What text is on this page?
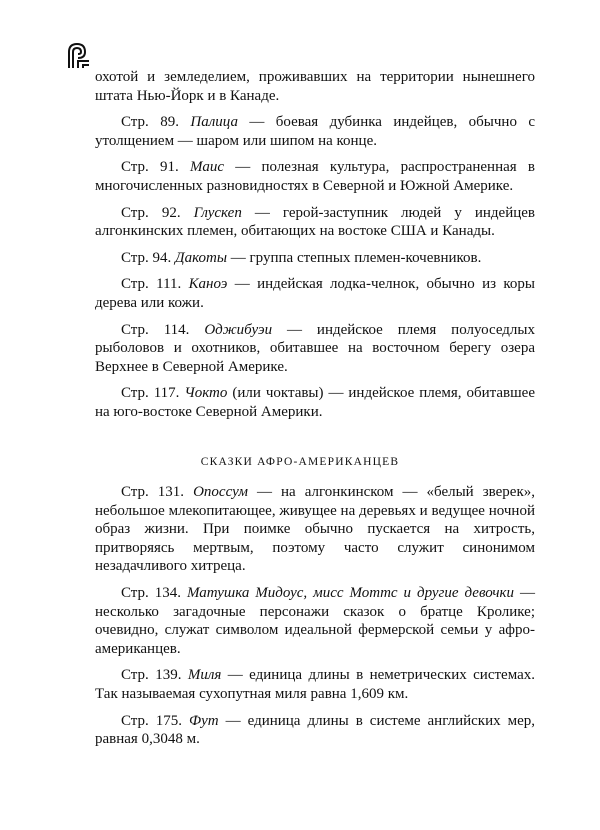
охотой и земледелием, проживавших на территории нынешнего штата Нью-Йорк и в Канаде.

Стр. 89. Палица — боевая дубинка индейцев, обычно с утолщением — шаром или шипом на конце.

Стр. 91. Маис — полезная культура, распространенная в многочисленных разновидностях в Северной и Южной Америке.

Стр. 92. Глускеп — герой-заступник людей у индейцев алгонкинских племен, обитающих на востоке США и Канады.

Стр. 94. Дакоты — группа степных племен-кочевников.

Стр. 111. Каноэ — индейская лодка-челнок, обычно из коры дерева или кожи.

Стр. 114. Оджибуэи — индейское племя полуоседлых рыболовов и охотников, обитавшее на восточном берегу озера Верхнее в Северной Америке.

Стр. 117. Чокто (или чоктавы) — индейское племя, обитавшее на юго-востоке Северной Америки.

СКАЗКИ АФРО-АМЕРИКАНЦЕВ

Стр. 131. Опоссум — на алгонкинском — «белый зверек», небольшое млекопитающее, живущее на деревьях и ведущее ночной образ жизни. При поимке обычно пускается на хитрость, притворяясь мертвым, поэтому часто служит синонимом незадачливого хитреца.

Стр. 134. Матушка Мидоус, мисс Моттс и другие девочки — несколько загадочные персонажи сказок о братце Кролике; очевидно, служат символом идеальной фермерской семьи у афро-американцев.

Стр. 139. Миля — единица длины в неметрических системах. Так называемая сухопутная миля равна 1,609 км.

Стр. 175. Фут — единица длины в системе английских мер, равная 0,3048 м.
